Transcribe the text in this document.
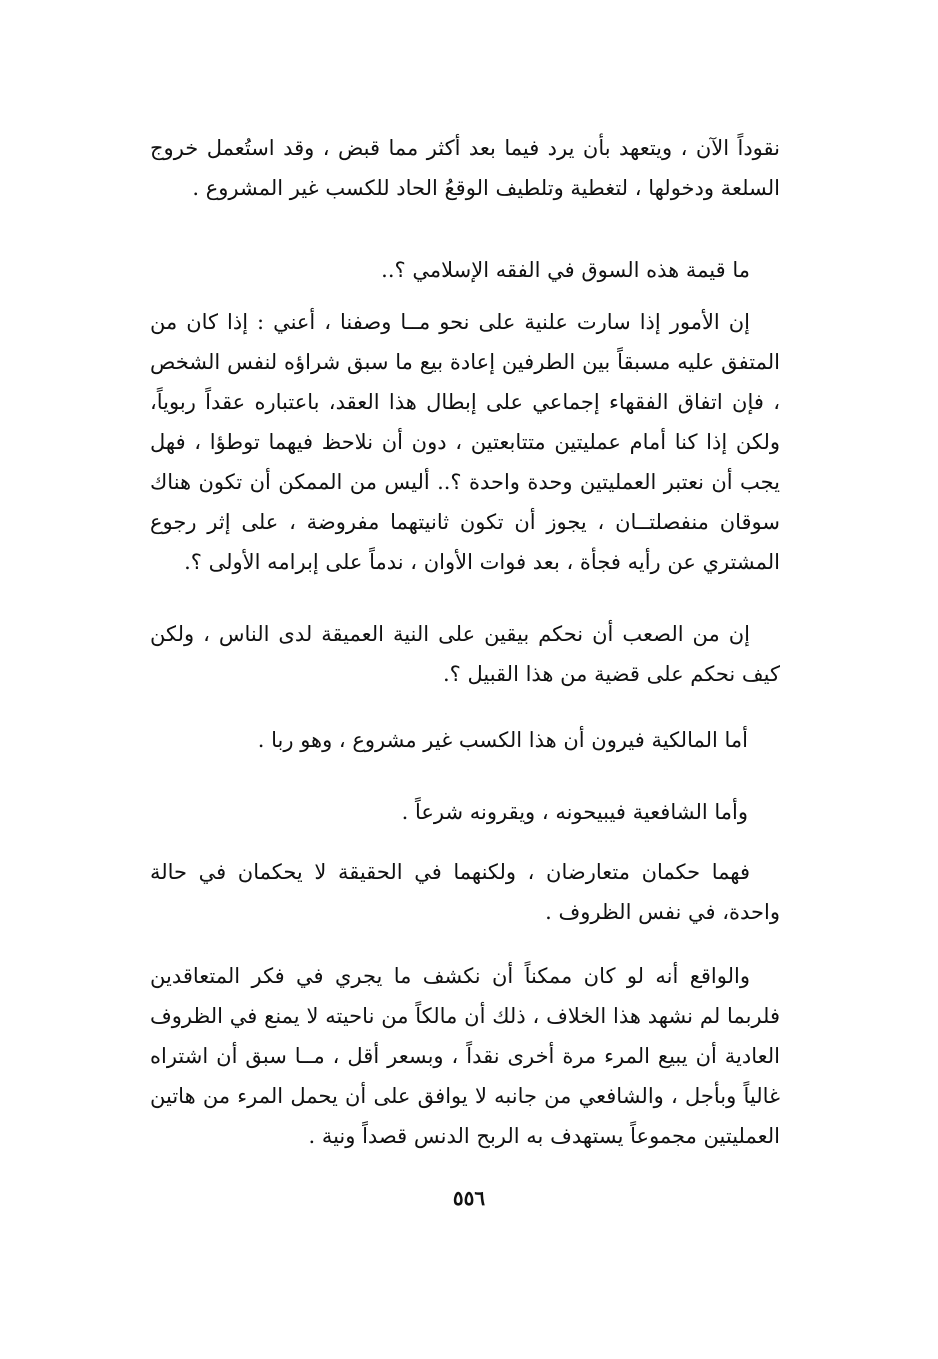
نقوداً الآن ، ويتعهد بأن يرد فيما بعد أكثر مما قبض ، وقد استُعمل خروج السلعة ودخولها ، لتغطية وتلطيف الوقعُ الحاد للكسب غير المشروع .

ما قيمة هذه السوق في الفقه الإسلامي ؟..

إن الأمور إذا سارت علنية على نحو مــا وصفنا ، أعني : إذا كان من المتفق عليه مسبقاً بين الطرفين إعادة بيع ما سبق شراؤه لنفس الشخص ، فإن اتفاق الفقهاء إجماعي على إبطال هذا العقد، باعتباره عقداً ربوياً، ولكن إذا كنا أمام عمليتين متتابعتين ، دون أن نلاحظ فيهما توطؤا ، فهل يجب أن نعتبر العمليتين وحدة واحدة ؟.. أليس من الممكن أن تكون هناك سوقان منفصلتــان ، يجوز أن تكون ثانيتهما مفروضة ، على إثر رجوع المشتري عن رأيه فجأة ، بعد فوات الأوان ، ندماً على إبرامه الأولى ؟.

إن من الصعب أن نحكم بيقين على النية العميقة لدى الناس ، ولكن كيف نحكم على قضية من هذا القبيل ؟.

أما المالكية فيرون أن هذا الكسب غير مشروع ، وهو ربا .

وأما الشافعية فيبيحونه ، ويقرونه شرعاً .

فهما حكمان متعارضان ، ولكنهما في الحقيقة لا يحكمان في حالة واحدة، في نفس الظروف .

والواقع أنه لو كان ممكناً أن نكشف ما يجري في فكر المتعاقدين فلربما لم نشهد هذا الخلاف ، ذلك أن مالكاً من ناحيته لا يمنع في الظروف العادية أن يبيع المرء مرة أخرى نقداً ، وبسعر أقل ، مــا سبق أن اشتراه غالياً وبأجل ، والشافعي من جانبه لا يوافق على أن يحمل المرء من هاتين العمليتين مجموعاً يستهدف به الربح الدنس قصداً ونية .

٥٥٦
